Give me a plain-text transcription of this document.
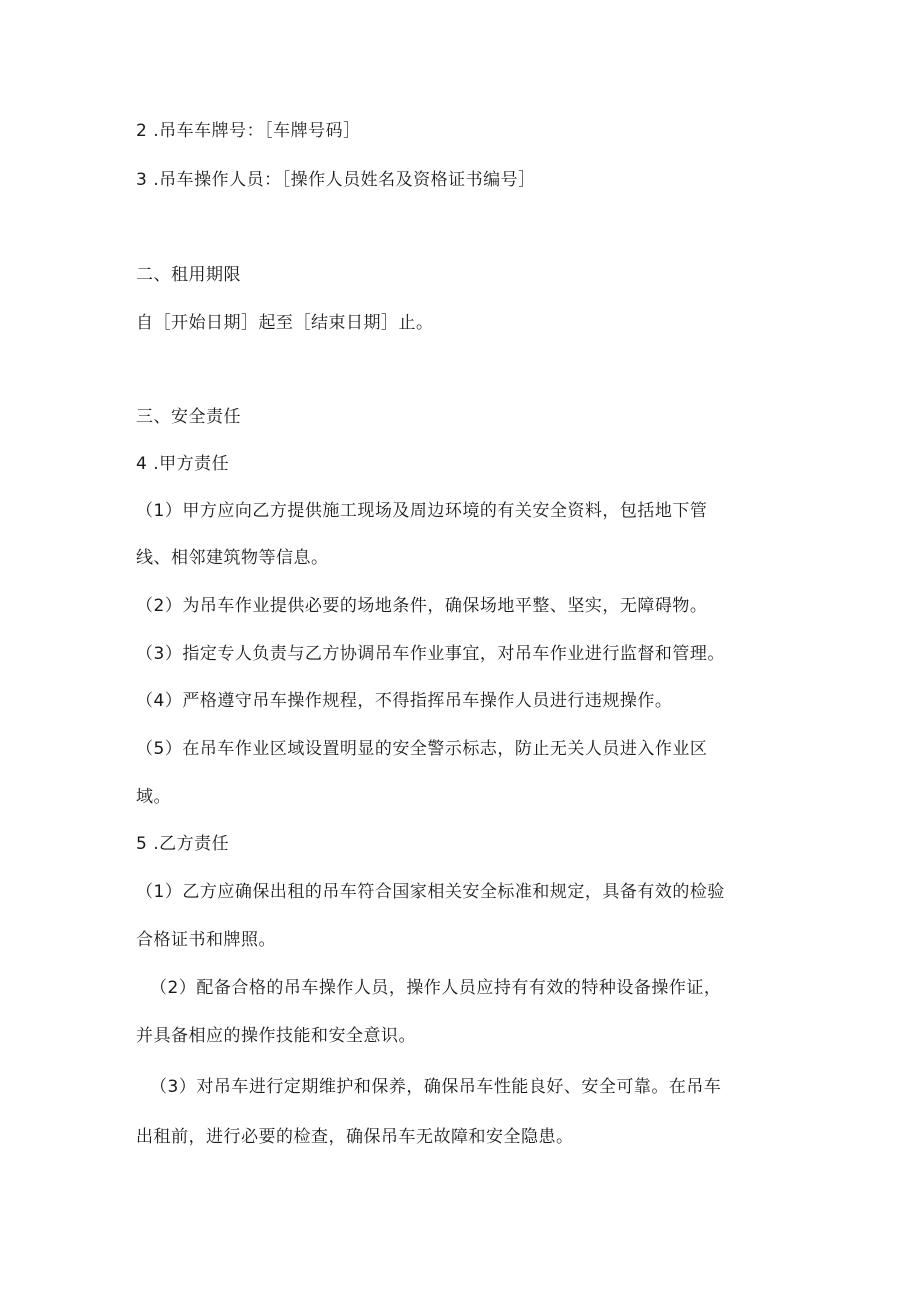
2 .吊车车牌号：［车牌号码］
3 .吊车操作人员：［操作人员姓名及资格证书编号］
二、租用期限
自［开始日期］起至［结束日期］止。
三、安全责任
4 .甲方责任
（1）甲方应向乙方提供施工现场及周边环境的有关安全资料，包括地下管
线、相邻建筑物等信息。
（2）为吊车作业提供必要的场地条件，确保场地平整、坚实，无障碍物。
（3）指定专人负责与乙方协调吊车作业事宜，对吊车作业进行监督和管理。
（4）严格遵守吊车操作规程，不得指挥吊车操作人员进行违规操作。
（5）在吊车作业区域设置明显的安全警示标志，防止无关人员进入作业区
域。
5 .乙方责任
（1）乙方应确保出租的吊车符合国家相关安全标准和规定，具备有效的检验
合格证书和牌照。
（2）配备合格的吊车操作人员，操作人员应持有有效的特种设备操作证，
并具备相应的操作技能和安全意识。
（3）对吊车进行定期维护和保养，确保吊车性能良好、安全可靠。在吊车
出租前，进行必要的检查，确保吊车无故障和安全隐患。
